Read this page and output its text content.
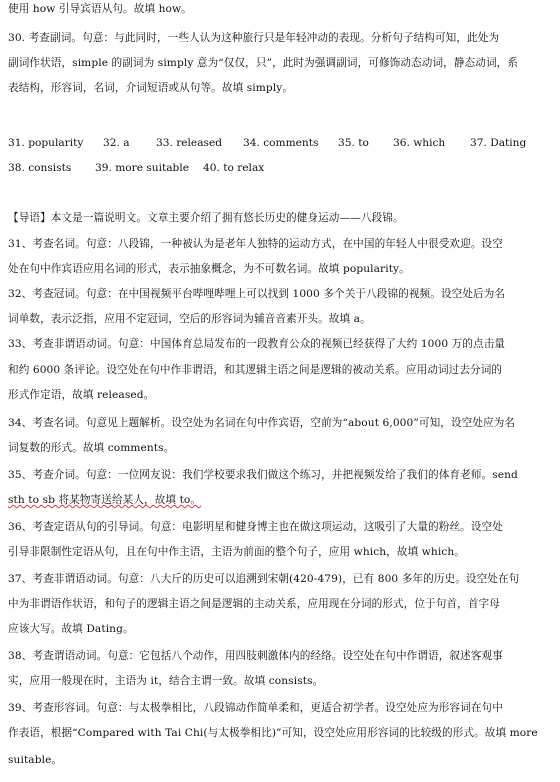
使用 how 引导宾语从句。故填 how。
30. 考查副词。句意：与此同时，一些人认为这种旅行只是年轻冲动的表现。分析句子结构可知，此处为
副词作状语，simple 的副词为 simply 意为“仅仅，只”，此时为强调副词，可修饰动态动词，静态动词，系
表结构，形容词，名词，介词短语或从句等。故填 simply。
31. popularity 32. a 33. released 34. comments 35. to 36. which 37. Dating
38. consists 39. more suitable 40. to relax
【导语】本文是一篇说明文。文章主要介绍了拥有悠长历史的健身运动——八段锦。
31、考查名词。句意：八段锦，一种被认为是老年人独特的运动方式，在中国的年轻人中很受欢迎。设空
处在句中作宾语应用名词的形式，表示抽象概念，为不可数名词。故填 popularity。
32、考查冠词。句意：在中国视频平台哔哩哔哩上可以找到 1000 多个关于八段锦的视频。设空处后为名
词单数，表示泛指，应用不定冠词，空后的形容词为辅音音素开头。故填 a。
33、考查非谓语动词。句意：中国体育总局发布的一段教育公众的视频已经获得了大约 1000 万的点击量
和约 6000 条评论。设空处在句中作非谓语，和其逻辑主语之间是逻辑的被动关系。应用动词过去分词的
形式作定语，故填 released。
34、考查名词。句意见上题解析。设空处为名词在句中作宾语，空前为“about 6,000”可知，设空处应为名
词复数的形式。故填 comments。
35、考查介词。句意：一位网友说：我们学校要求我们做这个练习，并把视频发给了我们的体育老师。send
sth to sb 将某物寄送给某人，故填 to。
36、考查定语从句的引导词。句意：电影明星和健身博主也在做这项运动，这吸引了大量的粉丝。设空处
引导非限制性定语从句，且在句中作主语，主语为前面的整个句子，应用 which，故填 which。
37、考查非谓语动词。句意：八大斤的历史可以追溯到宋朝(420-479)，已有 800 多年的历史。设空处在句
中为非谓语作状语，和句子的逻辑主语之间是逻辑的主动关系，应用现在分词的形式，位于句首，首字母
应该大写。故填 Dating。
38、考查谓语动词。句意：它包括八个动作，用四肢刺激体内的经络。设空处在句中作谓语，叙述客观事
实，应用一般现在时，主语为 it，结合主谓一致。故填 consists。
39、考查形容词。句意：与太极拳相比，八段锦动作简单柔和，更适合初学者。设空处应为形容词在句中
作表语，根据“Compared with Tai Chi(与太极拳相比)”可知，设空处应用形容词的比较级的形式。故填 more
suitable。
